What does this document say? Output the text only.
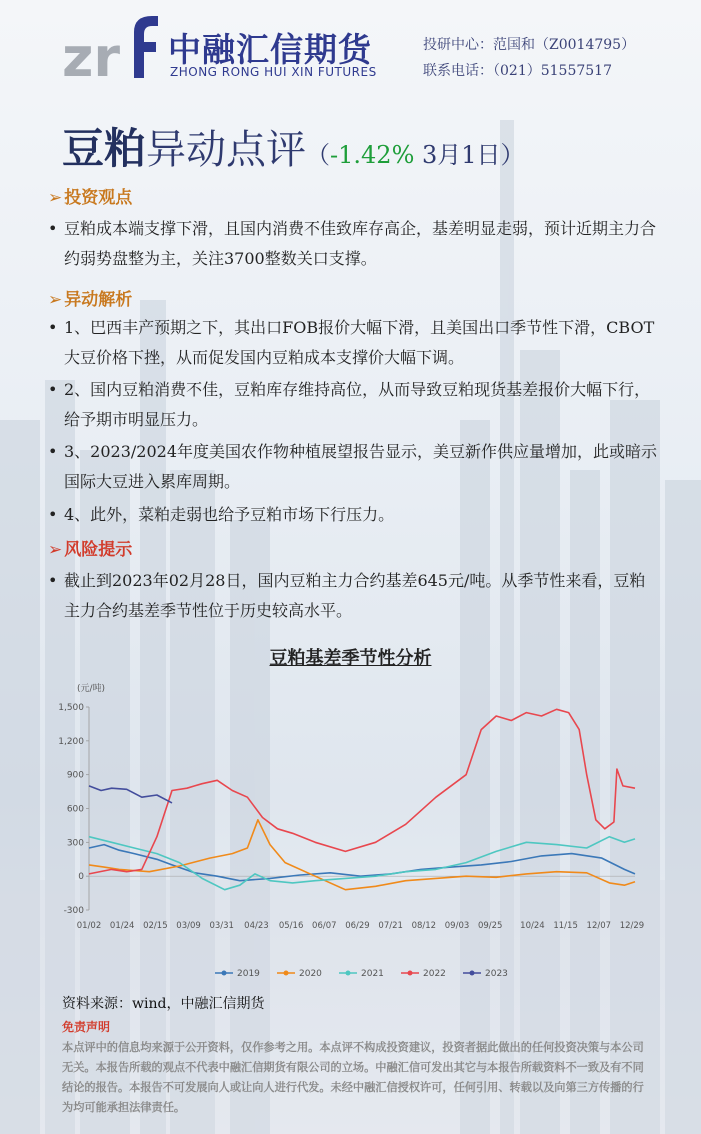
zr 中融汇信期货
ZHONG RONG HUI XIN FUTURES
投研中心：范国和（Z0014795）
联系电话：（021）51557517
豆粕异动点评（-1.42% 3月1日）
➢ 投资观点
• 豆粕成本端支撑下滑，且国内消费不佳致库存高企，基差明显走弱，预计近期主力合约弱势盘整为主，关注3700整数关口支撑。
➢ 异动解析
• 1、巴西丰产预期之下，其出口FOB报价大幅下滑，且美国出口季节性下滑，CBOT大豆价格下挫，从而促发国内豆粕成本支撑价大幅下调。
• 2、国内豆粕消费不佳，豆粕库存维持高位，从而导致豆粕现货基差报价大幅下行，给予期市明显压力。
• 3、2023/2024年度美国农作物种植展望报告显示，美豆新作供应量增加，此或暗示国际大豆进入累库周期。
• 4、此外，菜粕走弱也给予豆粕市场下行压力。
➢ 风险提示
• 截止到2023年02月28日，国内豆粕主力合约基差645元/吨。从季节性来看，豆粕主力合约基差季节性位于历史较高水平。
豆粕基差季节性分析
(元/吨)
-300
0
300
600
900
1,200
1,500
01/02 01/24 02/15 03/09 03/31 04/23 05/16 06/07 06/29 07/21 08/12 09/03 09/25 10/24 11/15 12/07 12/29
2019	2020	2021	2022	2023
资料来源：wind，中融汇信期货
免责声明
本点评中的信息均来源于公开资料，仅作参考之用。本点评不构成投资建议，投资者据此做出的任何投资决策与本公司无关。本报告所载的观点不代表中融汇信期货有限公司的立场。中融汇信可发出其它与本报告所载资料不一致及有不同结论的报告。本报告不可发展向人或让向人进行代发。未经中融汇信授权许可，任何引用、转载以及向第三方传播的行为均可能承担法律责任。
